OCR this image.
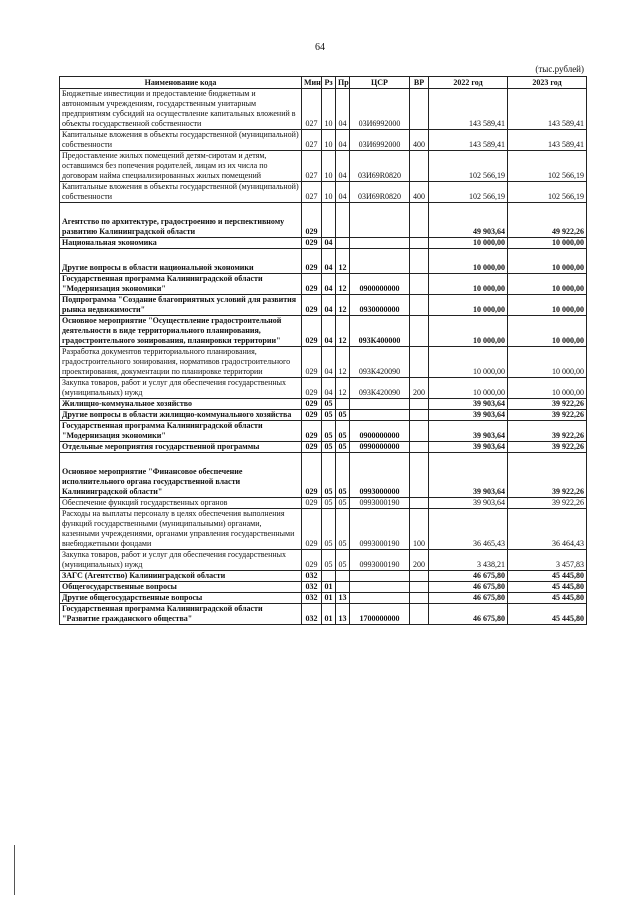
64
(тыс.рублей)
Наименование кода	Мин	Рз	Пр	ЦСР	ВР	2022 год	2023 год
Бюджетные инвестиции и предоставление бюджетным и автономным учреждениям, государственным унитарным предприятиям субсидий на осуществление капитальных вложений в объекты государственной собственности	027	10	04	03И6992000		143 589,41	143 589,41
Капитальные вложения в объекты государственной (муниципальной) собственности	027	10	04	03И6992000	400	143 589,41	143 589,41
Предоставление жилых помещений детям-сиротам и детям, оставшимся без попечения родителей, лицам из их числа по договорам найма специализированных жилых помещений	027	10	04	03И69R0820		102 566,19	102 566,19
Капитальные вложения в объекты государственной (муниципальной) собственности	027	10	04	03И69R0820	400	102 566,19	102 566,19
Агентство по архитектуре, градостроению и перспективному развитию Калининградской области	029					49 903,64	49 922,26
Национальная экономика	029	04				10 000,00	10 000,00
Другие вопросы в области национальной экономики	029	04	12			10 000,00	10 000,00
Государственная программа Калининградской области "Модернизация экономики"	029	04	12	0900000000		10 000,00	10 000,00
Подпрограмма "Создание благоприятных условий для развития рынка недвижимости"	029	04	12	0930000000		10 000,00	10 000,00
Основное мероприятие "Осуществление градостроительной деятельности в виде территориального планирования, градостроительного зонирования, планировки территории"	029	04	12	093К400000		10 000,00	10 000,00
Разработка документов территориального планирования, градостроительного зонирования, нормативов градостроительного проектирования, документации по планировке территории	029	04	12	093К420090		10 000,00	10 000,00
Закупка товаров, работ и услуг для обеспечения государственных (муниципальных) нужд	029	04	12	093К420090	200	10 000,00	10 000,00
Жилищно-коммунальное хозяйство	029	05				39 903,64	39 922,26
Другие вопросы в области жилищно-коммунального хозяйства	029	05	05			39 903,64	39 922,26
Государственная программа Калининградской области "Модернизация экономики"	029	05	05	0900000000		39 903,64	39 922,26
Отдельные мероприятия государственной программы	029	05	05	0990000000		39 903,64	39 922,26
Основное мероприятие "Финансовое обеспечение исполнительного органа государственной власти Калининградской области"	029	05	05	0993000000		39 903,64	39 922,26
Обеспечение функций государственных органов	029	05	05	0993000190		39 903,64	39 922,26
Расходы на выплаты персоналу в целях обеспечения выполнения функций государственными (муниципальными) органами, казенными учреждениями, органами управления государственными внебюджетными фондами	029	05	05	0993000190	100	36 465,43	36 464,43
Закупка товаров, работ и услуг для обеспечения государственных (муниципальных) нужд	029	05	05	0993000190	200	3 438,21	3 457,83
ЗАГС (Агентство) Калининградской области	032					46 675,80	45 445,80
Общегосударственные вопросы	032	01				46 675,80	45 445,80
Другие общегосударственные вопросы	032	01	13			46 675,80	45 445,80
Государственная программа Калининградской области "Развитие гражданского общества"	032	01	13	1700000000		46 675,80	45 445,80
